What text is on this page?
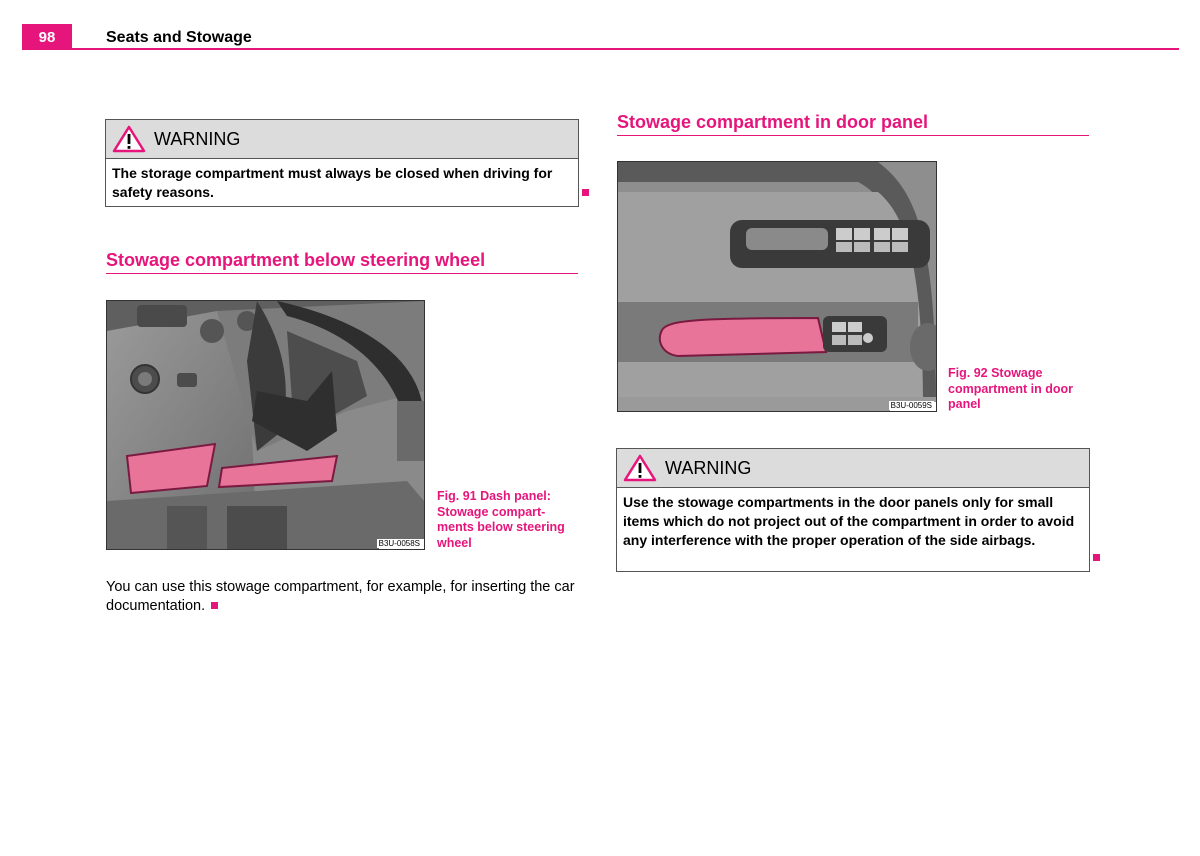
98	Seats and Stowage
WARNING
The storage compartment must always be closed when driving for safety reasons.
Stowage compartment below steering wheel
B3U-0058S
Fig. 91 Dash panel:
Stowage compart-
ments below steering
wheel
You can use this stowage compartment, for example, for inserting the car documentation.
Stowage compartment in door panel
B3U-0059S
Fig. 92 Stowage
compartment in door
panel
WARNING
Use the stowage compartments in the door panels only for small items which do not project out of the compartment in order to avoid any interference with the proper operation of the side airbags.
